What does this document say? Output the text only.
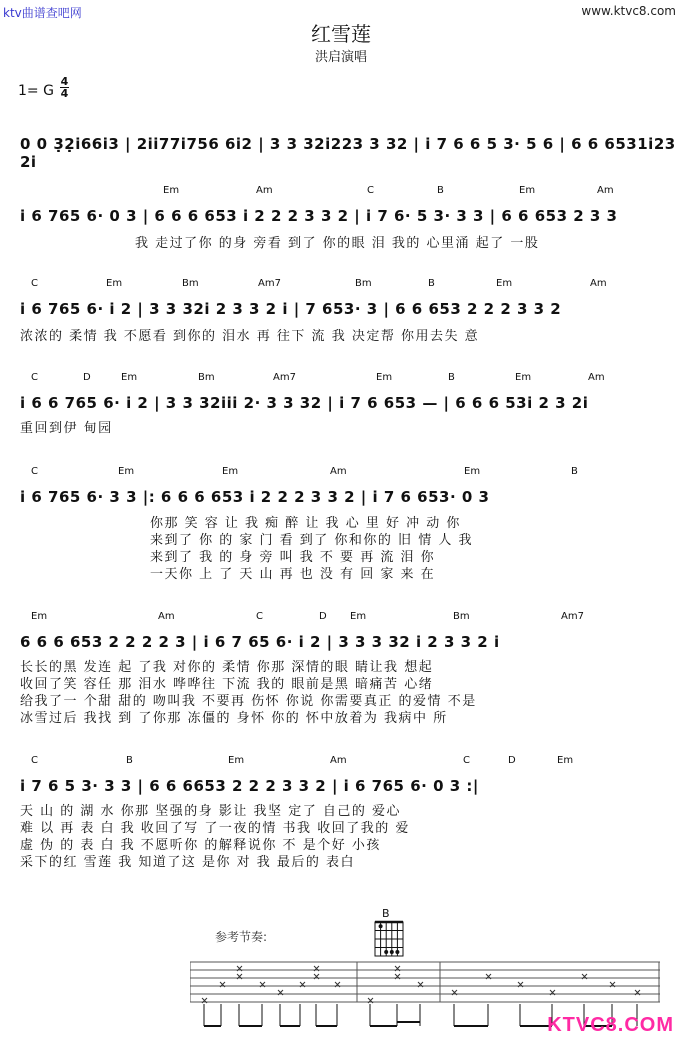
ktv曲谱查吧网	www.ktvc8.com
红雪莲
洪启演唱
1= G
4
4
0 0 3̣2̣i66i3 | 2ii77i756 6i2 | 3 3 32i223 3 32 | i 7 6 6 5 3· 5 6 | 6 6 6531i23 2i
Em	Am	C	B	Em	Am
i 6 765 6· 0 3 | 6 6 6 653 i 2 2 2 3 3 2 | i 7 6· 5 3· 3 3 | 6 6 653 2 3 3
我 走过了你 的身 旁看 到了 你的眼 泪 我的 心里涌 起了 一股
C	Em	Bm	Am7	Bm	B	Em	Am
i 6 765 6· i 2 | 3 3 32i 2 3 3 2 i | 7 653· 3 | 6 6 653 2 2 2 3 3 2
浓浓的 柔情 我 不愿看 到你的 泪水 再 往下 流 我 决定帮 你用去失 意
C	D	Em	Bm	Am7	Em	B	Em	Am
i 6 6 765 6· i 2 | 3 3 32iii 2· 3 3 32 | i 7 6 653 — | 6 6 6 53i 2 3 2i
重回到伊 甸园
C	Em	Em	Am	Em	B
i 6 765 6· 3 3 |: 6 6 6 653 i 2 2 2 3 3 2 | i 7 6 653· 0 3
你那 笑 容 让 我 痴 醉 让 我 心 里 好 冲 动 你
来到了 你 的 家 门 看 到了 你和你的 旧 情 人 我
来到了 我 的 身 旁 叫 我 不 要 再 流 泪 你
一天你 上 了 天 山 再 也 没 有 回 家 来 在
Em	Am	C	D Em	Bm	Am7
6 6 6 653 2 2 2 2 3 | i 6 7 65 6· i 2 | 3 3 3 32 i 2 3 3 2 i
长长的黑 发连 起 了我 对你的 柔情 你那 深情的眼 睛让我 想起
收回了笑 容任 那 泪水 哗哗往 下流 我的 眼前是黑 暗痛苦 心绪
给我了一 个甜 甜的 吻叫我 不要再 伤怀 你说 你需要真正 的爱情 不是
冰雪过后 我找 到 了你那 冻僵的 身怀 你的 怀中放着为 我病中 所
C	B	Em	Am	C	D	Em
i 7 6 5 3· 3 3 | 6 6 6653 2 2 2 3 3 2 | i 6 765 6· 0 3 :|
天 山 的 湖 水 你那 坚强的身 影让 我坚 定了 自己的 爱心
难 以 再 表 白 我 收回了写 了一夜的情 书我 收回了我的 爱
虚 伪 的 表 白 我 不愿听你 的解释说你 不 是个好 小孩
采下的红 雪莲 我 知道了这 是你 对 我 最后的 表白
参考节奏:
B
KTVC8.COM
